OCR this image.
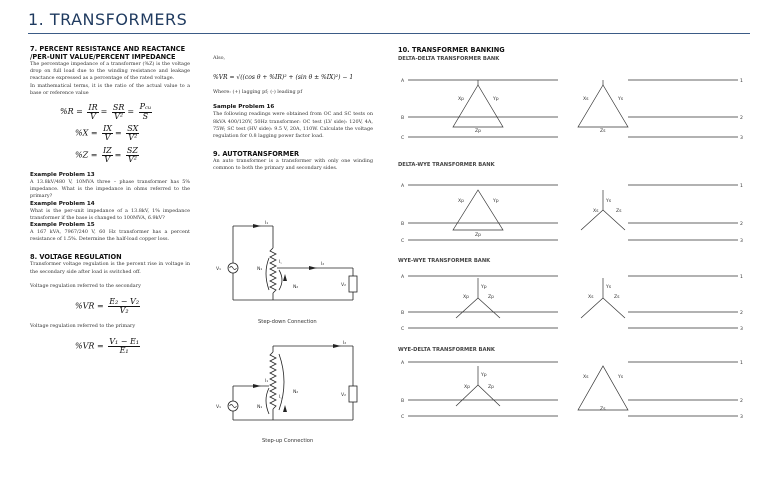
1. TRANSFORMERS
7. PERCENT RESISTANCE AND REACTANCE
/PER-UNIT VALUE/PERCENT IMPEDANCE

The percentage impedance of a transformer (%Z) is the voltage drop on full load due to the winding resistance and leakage reactance expressed as a percentage of the rated voltage.

In mathematical terms, it is the ratio of the actual value to a base or reference value

$\%R = \frac{IR}{V} = \frac{SR}{\text{V²}} = \frac{\text{Pcu}}{S}$
$\%X = \frac{IX}{V} = \frac{SX}{\text{V²}}$
$\%Z = \frac{IZ}{V} = \frac{SZ}{\text{V²}}$
Example Problem 13

A 13.8kV/480 V, 10MVA three – phase transformer has 5% impedance. What is the impedance in ohms referred to the primary?

Example Problem 14

What is the per-unit impedance of a 13.8kV, 1% impedance transformer if the base is changed to 100MVA, 6.9kV?

Example Problem 15

A 167 kVA, 7967/240 V, 60 Hz transformer has a percent resistance of 1.5%. Determine the half-load copper loss.

8. VOLTAGE REGULATION

Transformer voltage regulation is the percent rise in voltage in the secondary side after load is switched off.

Voltage regulation referred to the secondary

$\%VR = \frac{\text{E₂ − V₂}}{\text{V₂}}$

Voltage regulation referred to the primary

$\%VR = \frac{\text{V₁ − E₁}}{\text{E₁}}$

Also,

%VR = √((cos θ + %IR)² + (sin θ ± %IX)²) − 1

Where: (+) lagging pf; (-) leading pf

Sample Problem 16

The following readings were obtained from OC and SC tests on 8kVA 400/120V, 50Hz transformer: OC test (LV side): 120V, 4A, 75W; SC test (HV side): 9.5 V, 20A, 110W. Calculate the voltage regulation for 0.8 lagging power factor load.

9. AUTOTRANSFORMER

An auto transformer is a transformer with only one winding common to both the primary and secondary sides.

I₁
I₂
I꜀
V₁	N₁
N₂	V₂
Step-down Connection
I₂
I₁
I꜀
V₁	N₁
N₂
V₂
Step-up Connection
10. TRANSFORMER BANKING
DELTA-DELTA TRANSFORMER BANK
DELTA-WYE TRANSFORMER BANK
WYE-WYE TRANSFORMER BANK
WYE-DELTA TRANSFORMER BANK
A
B
C
1
2
3
Xp	Yp
Zp
Xs	Ys
Zs
A
B
C
1
2
3
Xp	Yp
Zp
Xs
Ys
Zs
A
B
C
1
2
3
Xp
Yp
Zp	Xs
Ys
Zs
A
B
C
1
2
3
Xp
Yp
Zp
Xs	Ys
Zs
